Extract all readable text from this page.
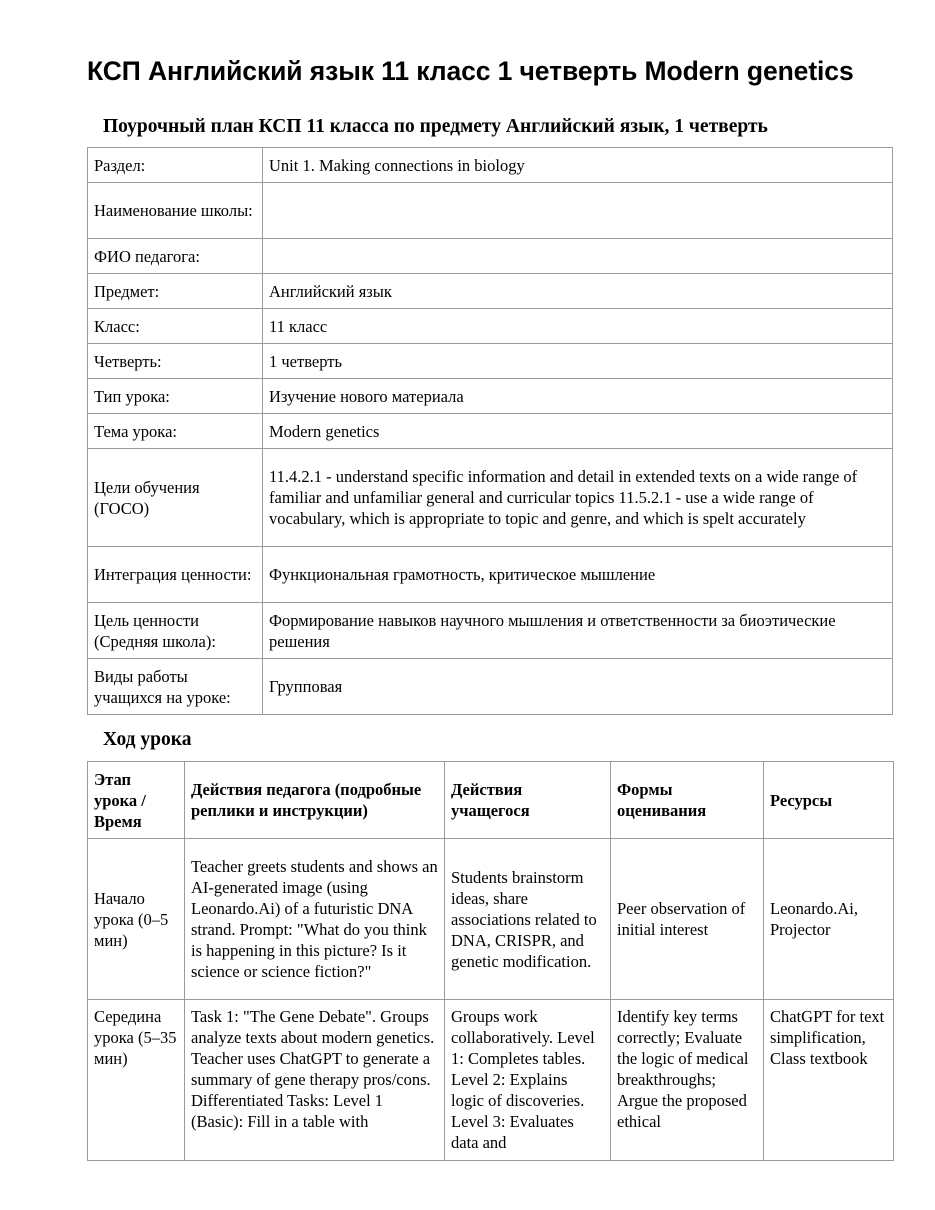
КСП Английский язык 11 класс 1 четверть Modern genetics
Поурочный план КСП 11 класса по предмету Английский язык, 1 четверть
Раздел:	Unit 1. Making connections in biology
Наименование школы:	
ФИО педагога:	
Предмет:	Английский язык
Класс:	11 класс
Четверть:	1 четверть
Тип урока:	Изучение нового материала
Тема урока:	Modern genetics
Цели обучения (ГОСО)	11.4.2.1 - understand specific information and detail in extended texts on a wide range of familiar and unfamiliar general and curricular topics 11.5.2.1 - use a wide range of vocabulary, which is appropriate to topic and genre, and which is spelt accurately
Интеграция ценности:	Функциональная грамотность, критическое мышление
Цель ценности (Средняя школа):	Формирование навыков научного мышления и ответственности за биоэтические решения
Виды работы учащихся на уроке:	Групповая
Ход урока
Этап урока / Время	Действия педагога (подробные реплики и инструкции)	Действия учащегося	Формы оценивания	Ресурсы
Начало урока (0–5 мин)	Teacher greets students and shows an AI-generated image (using Leonardo.Ai) of a futuristic DNA strand. Prompt: "What do you think is happening in this picture? Is it science or science fiction?"	Students brainstorm ideas, share associations related to DNA, CRISPR, and genetic modification.	Peer observation of initial interest	Leonardo.Ai, Projector

Середина урока (5–35 мин)	Task 1: "The Gene Debate". Groups analyze texts about modern genetics. Teacher uses ChatGPT to generate a summary of gene therapy pros/cons. Differentiated Tasks: Level 1 (Basic): Fill in a table with	Groups work collaboratively. Level 1: Completes tables. Level 2: Explains logic of discoveries. Level 3: Evaluates data and	Identify key terms correctly; Evaluate the logic of medical breakthroughs; Argue the proposed ethical	ChatGPT for text simplification, Class textbook
